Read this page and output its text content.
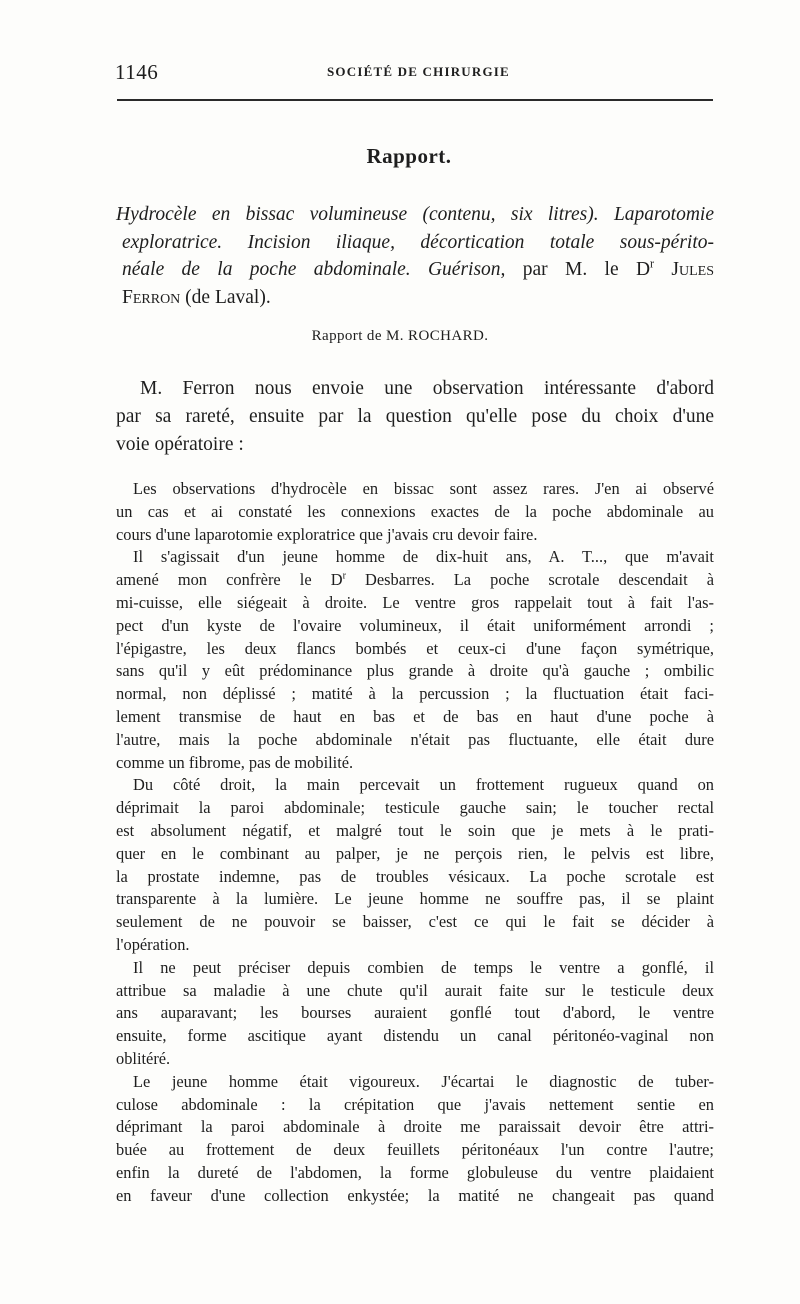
1146	SOCIÉTÉ DE CHIRURGIE
Rapport.
Hydrocèle en bissac volumineuse (contenu, six litres). Laparotomie
exploratrice. Incision iliaque, décortication totale sous-périto-
néale de la poche abdominale. Guérison, par M. le $D^r$ Jules
Ferron (de Laval).
Rapport de M. ROCHARD.
M. Ferron nous envoie une observation intéressante d'abord
par sa rareté, ensuite par la question qu'elle pose du choix d'une
voie opératoire :
Les observations d'hydrocèle en bissac sont assez rares. J'en ai observé
un cas et ai constaté les connexions exactes de la poche abdominale au
cours d'une laparotomie exploratrice que j'avais cru devoir faire.
Il s'agissait d'un jeune homme de dix-huit ans, A. T..., que m'avait
amené mon confrère le $D^r$ Desbarres. La poche scrotale descendait à
mi-cuisse, elle siégeait à droite. Le ventre gros rappelait tout à fait l'as-
pect d'un kyste de l'ovaire volumineux, il était uniformément arrondi ;
l'épigastre, les deux flancs bombés et ceux-ci d'une façon symétrique,
sans qu'il y eût prédominance plus grande à droite qu'à gauche ; ombilic
normal, non déplissé ; matité à la percussion ; la fluctuation était faci-
lement transmise de haut en bas et de bas en haut d'une poche à
l'autre, mais la poche abdominale n'était pas fluctuante, elle était dure
comme un fibrome, pas de mobilité.
Du côté droit, la main percevait un frottement rugueux quand on
déprimait la paroi abdominale; testicule gauche sain; le toucher rectal
est absolument négatif, et malgré tout le soin que je mets à le prati-
quer en le combinant au palper, je ne perçois rien, le pelvis est libre,
la prostate indemne, pas de troubles vésicaux. La poche scrotale est
transparente à la lumière. Le jeune homme ne souffre pas, il se plaint
seulement de ne pouvoir se baisser, c'est ce qui le fait se décider à
l'opération.
Il ne peut préciser depuis combien de temps le ventre a gonflé, il
attribue sa maladie à une chute qu'il aurait faite sur le testicule deux
ans auparavant; les bourses auraient gonflé tout d'abord, le ventre
ensuite, forme ascitique ayant distendu un canal péritonéo-vaginal non
oblitéré.
Le jeune homme était vigoureux. J'écartai le diagnostic de tuber-
culose abdominale : la crépitation que j'avais nettement sentie en
déprimant la paroi abdominale à droite me paraissait devoir être attri-
buée au frottement de deux feuillets péritonéaux l'un contre l'autre;
enfin la dureté de l'abdomen, la forme globuleuse du ventre plaidaient
en faveur d'une collection enkystée; la matité ne changeait pas quand
